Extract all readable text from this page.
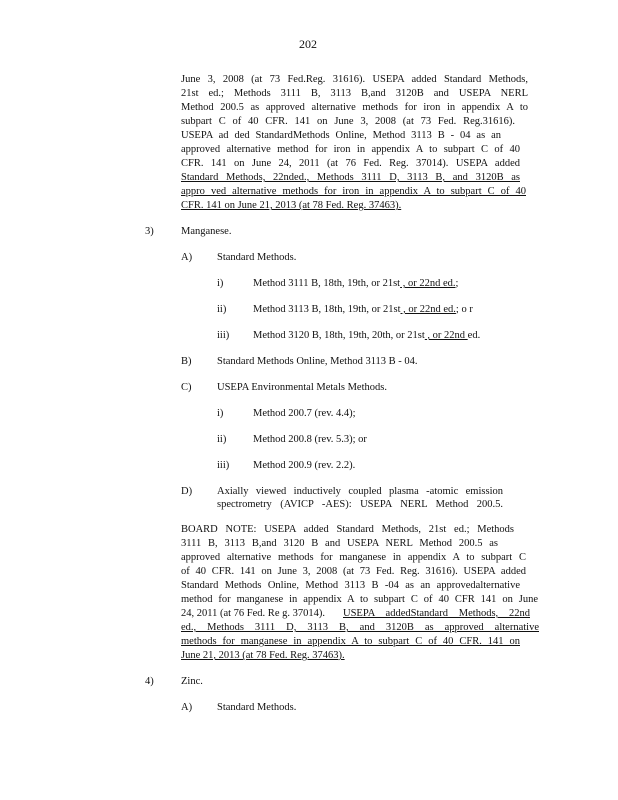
202
June 3, 2008 (at 73 Fed.Reg. 31616). USEPA added Standard Methods,
21st ed.; Methods 3111 B, 3113 B,and 3120B and USEPA NERL
Method 200.5 as approved alternative methods for iron in appendix A to
subpart C of 40 CFR. 141 on June 3, 2008 (at 73 Fed. Reg.31616).
USEPA ad ded StandardMethods Online, Method 3113 B - 04 as an
approved alternative method for iron in appendix A to subpart C of 40
CFR. 141 on June 24, 2011 (at 76 Fed. Reg. 37014). USEPA added
Standard Methods, 22nded., Methods 3111 D, 3113 B, and 3120B as
appro ved alternative methods for iron in appendix A to subpart C of 40
CFR. 141 on June 21, 2013 (at 78 Fed. Reg. 37463).
3)	Manganese.
A) Standard Methods.
i)	Method 3111 B, 18th, 19th, or 21st , or 22nd ed.;
ii)	Method 3113 B, 18th, 19th, or 21st , or 22nd ed.; o r
iii) Method 3120 B, 18th, 19th, 20th, or 21st , or 22nd ed.
B) Standard Methods Online, Method 3113 B - 04.
C) USEPA Environmental Metals Methods.
i)	Method 200.7 (rev. 4.4);
ii)	Method 200.8 (rev. 5.3); or
iii) Method 200.9 (rev. 2.2).
D) Axially viewed inductively coupled plasma -atomic emission
spectrometry (AVICP -AES): USEPA NERL Method 200.5.
BOARD NOTE: USEPA added Standard Methods, 21st ed.; Methods
3111 B, 3113 B,and 3120 B and USEPA NERL Method 200.5 as
approved alternative methods for manganese in appendix A to subpart C
of 40 CFR. 141 on June 3, 2008 (at 73 Fed. Reg. 31616). USEPA added
Standard Methods Online, Method 3113 B -04 as an approvedalternative
method for manganese in appendix A to subpart C of 40 CFR 141 on June
24, 2011 (at 76 Fed. Re g. 37014). USEPA addedStandard Methods, 22nd
ed., Methods 3111 D, 3113 B, and 3120B as approved alternative
methods for manganese in appendix A to subpart C of 40 CFR. 141 on
June 21, 2013 (at 78 Fed. Reg. 37463).
4)	Zinc.
A) Standard Methods.
